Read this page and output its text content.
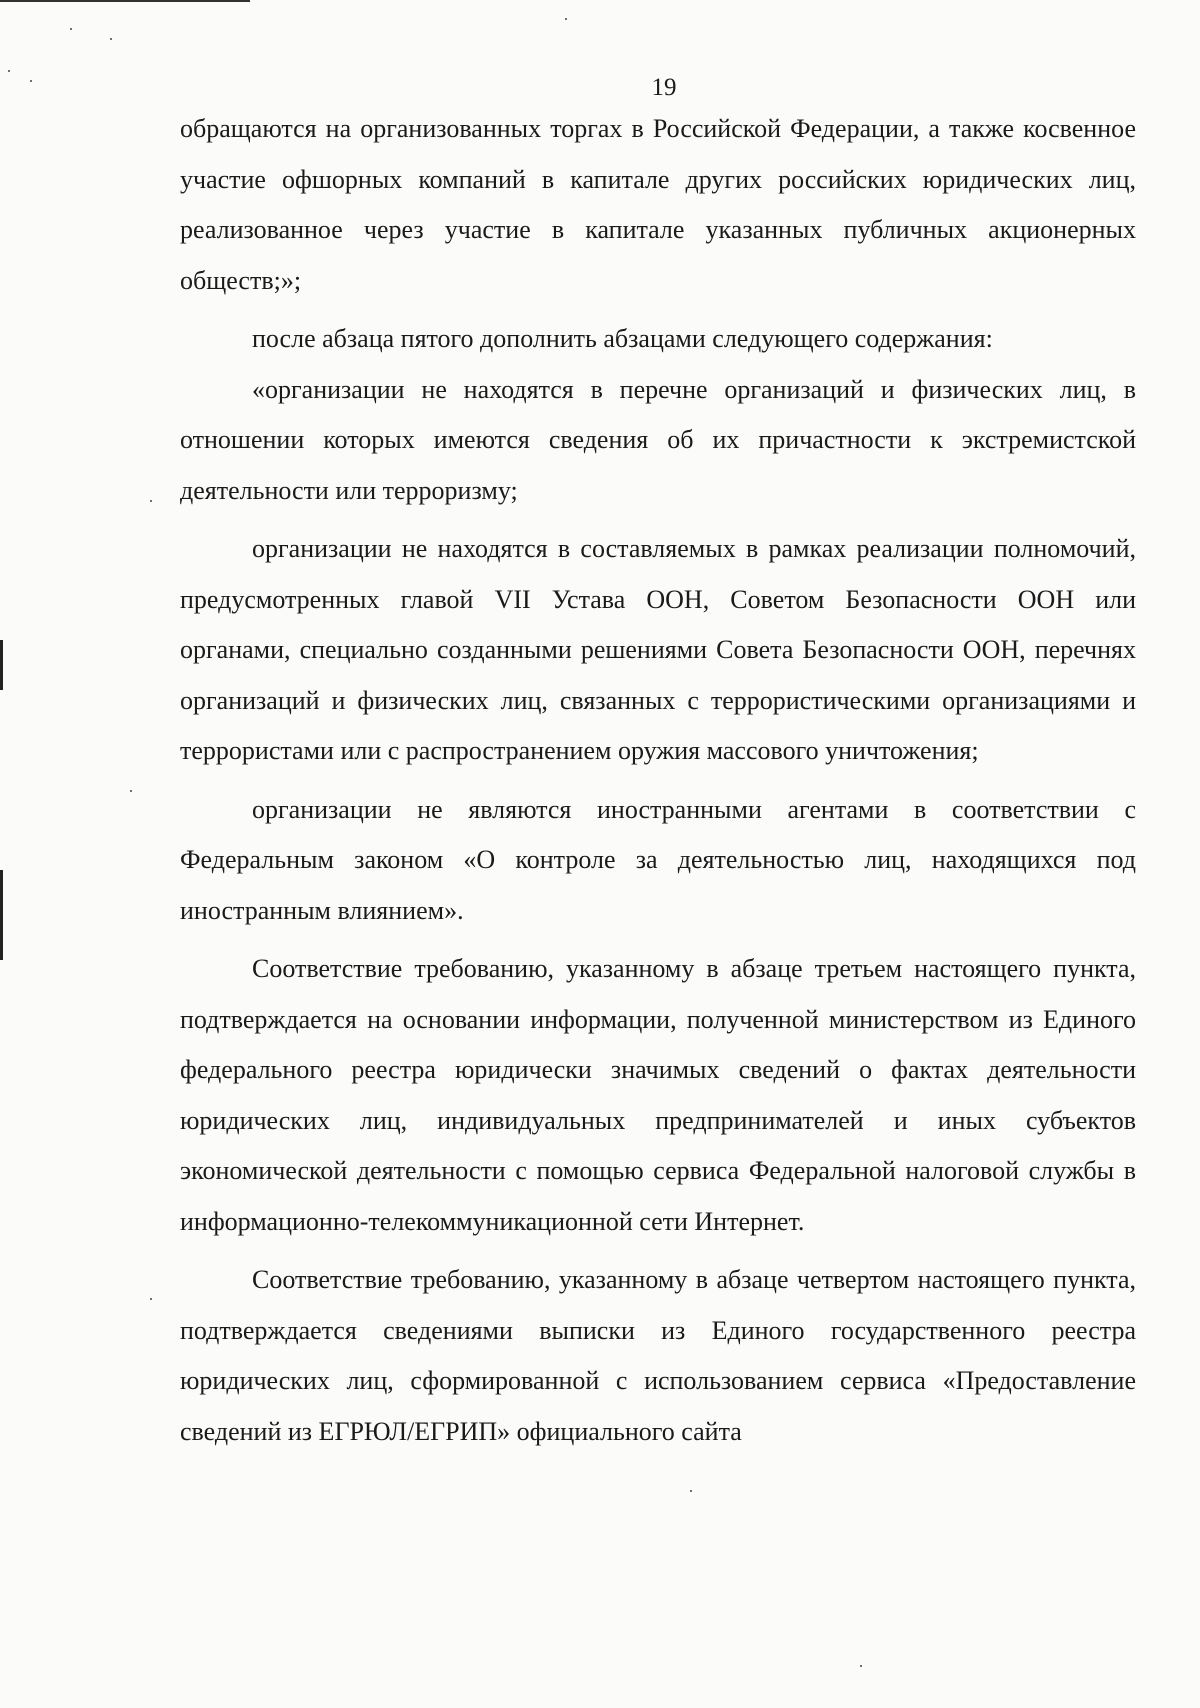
19

обращаются на организованных торгах в Российской Федерации, а также косвенное участие офшорных компаний в капитале других российских юридических лиц, реализованное через участие в капитале указанных публичных акционерных обществ;»;

после абзаца пятого дополнить абзацами следующего содержания:

«организации не находятся в перечне организаций и физических лиц, в отношении которых имеются сведения об их причастности к экстремистской деятельности или терроризму;

организации не находятся в составляемых в рамках реализации полномочий, предусмотренных главой VII Устава ООН, Советом Безопасности ООН или органами, специально созданными решениями Совета Безопасности ООН, перечнях организаций и физических лиц, связанных с террористическими организациями и террористами или с распространением оружия массового уничтожения;

организации не являются иностранными агентами в соответствии с Федеральным законом «О контроле за деятельностью лиц, находящихся под иностранным влиянием».

Соответствие требованию, указанному в абзаце третьем настоящего пункта, подтверждается на основании информации, полученной министерством из Единого федерального реестра юридически значимых сведений о фактах деятельности юридических лиц, индивидуальных предпринимателей и иных субъектов экономической деятельности с помощью сервиса Федеральной налоговой службы в информационно-телекоммуникационной сети Интернет.

Соответствие требованию, указанному в абзаце четвертом настоящего пункта, подтверждается сведениями выписки из Единого государственного реестра юридических лиц, сформированной с использованием сервиса «Предоставление сведений из ЕГРЮЛ/ЕГРИП» официального сайта
